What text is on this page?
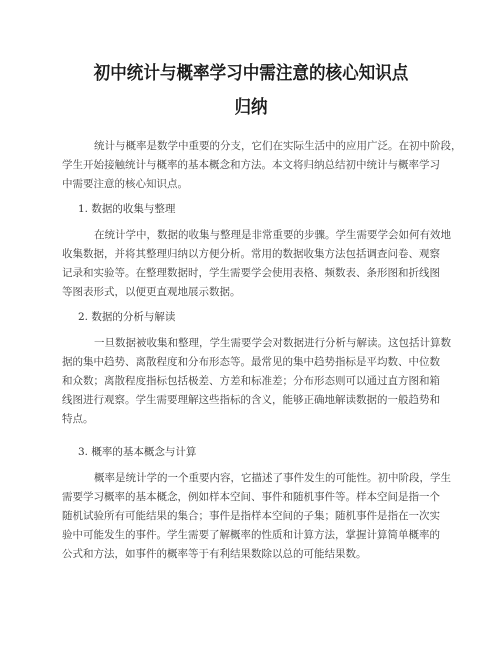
初中统计与概率学习中需注意的核心知识点
归纳
统计与概率是数学中重要的分支，它们在实际生活中的应用广泛。在初中阶段，
学生开始接触统计与概率的基本概念和方法。本文将归纳总结初中统计与概率学习
中需要注意的核心知识点。
1. 数据的收集与整理
在统计学中，数据的收集与整理是非常重要的步骤。学生需要学会如何有效地
收集数据，并将其整理归纳以方便分析。常用的数据收集方法包括调查问卷、观察
记录和实验等。在整理数据时，学生需要学会使用表格、频数表、条形图和折线图
等图表形式，以便更直观地展示数据。
2. 数据的分析与解读
一旦数据被收集和整理，学生需要学会对数据进行分析与解读。这包括计算数
据的集中趋势、离散程度和分布形态等。最常见的集中趋势指标是平均数、中位数
和众数；离散程度指标包括极差、方差和标准差；分布形态则可以通过直方图和箱
线图进行观察。学生需要理解这些指标的含义，能够正确地解读数据的一般趋势和
特点。
3. 概率的基本概念与计算
概率是统计学的一个重要内容，它描述了事件发生的可能性。初中阶段，学生
需要学习概率的基本概念，例如样本空间、事件和随机事件等。样本空间是指一个
随机试验所有可能结果的集合；事件是指样本空间的子集；随机事件是指在一次实
验中可能发生的事件。学生需要了解概率的性质和计算方法，掌握计算简单概率的
公式和方法，如事件的概率等于有利结果数除以总的可能结果数。
